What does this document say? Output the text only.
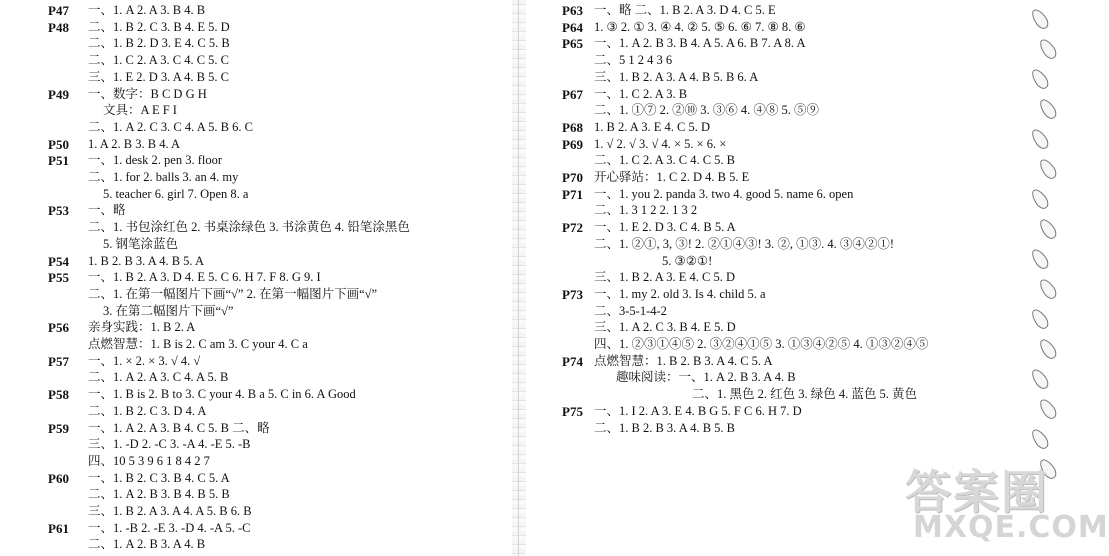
P47	一、1. A 2. A 3. B 4. B
P48	二、1. B 2. C 3. B 4. E 5. D
二、1. B 2. D 3. E 4. C 5. B
二、1. C 2. A 3. C 4. C 5. C
三、1. E 2. D 3. A 4. B 5. C
P49	一、数字：B C D G H
文具：A E F I
二、1. A 2. C 3. C 4. A 5. B 6. C
P50	1. A 2. B 3. B 4. A
P51	一、1. desk 2. pen 3. floor
二、1. for 2. balls 3. an 4. my
5. teacher 6. girl 7. Open 8. a
P53	一、略
二、1. 书包涂红色 2. 书桌涂绿色 3. 书涂黄色 4. 铅笔涂黑色
5. 钢笔涂蓝色
P54	1. B 2. B 3. A 4. B 5. A
P55	一、1. B 2. A 3. D 4. E 5. C 6. H 7. F 8. G 9. I
二、1. 在第一幅图片下画“√” 2. 在第一幅图片下画“√”
3. 在第二幅图片下画“√”
P56	亲身实践：1. B 2. A
点燃智慧：1. B is 2. C am 3. C your 4. C a
P57	一、1. × 2. × 3. √ 4. √
二、1. A 2. A 3. C 4. A 5. B
P58	一、1. B is 2. B to 3. C your 4. B a 5. C in 6. A Good
二、1. B 2. C 3. D 4. A
P59	一、1. A 2. A 3. B 4. C 5. B 二、略
三、1. -D 2. -C 3. -A 4. -E 5. -B
四、10 5 3 9 6 1 8 4 2 7
P60	一、1. B 2. C 3. B 4. C 5. A
二、1. A 2. B 3. B 4. B 5. B
三、1. B 2. A 3. A 4. A 5. B 6. B
P61	一、1. -B 2. -E 3. -D 4. -A 5. -C
二、1. A 2. B 3. A 4. B
P63 一、略 二、1. B 2. A 3. D 4. C 5. E
P64 1. ③ 2. ① 3. ④ 4. ② 5. ⑤ 6. ⑥ 7. ⑧ 8. ⑥
P65 一、1. A 2. B 3. B 4. A 5. A 6. B 7. A 8. A
二、5 1 2 4 3 6
三、1. B 2. A 3. A 4. B 5. B 6. A
P67 一、1. C 2. A 3. B
二、1. ①⑦ 2. ②⑩ 3. ③⑥ 4. ④⑧ 5. ⑤⑨
P68 1. B 2. A 3. E 4. C 5. D
P69 1. √ 2. √ 3. √ 4. × 5. × 6. ×
二、1. C 2. A 3. C 4. C 5. B
P70 开心驿站：1. C 2. D 4. B 5. E
P71 一、1. you 2. panda 3. two 4. good 5. name 6. open
二、1. 3 1 2 2. 1 3 2
P72 一、1. E 2. D 3. C 4. B 5. A
二、1. ②①, 3, ③! 2. ②①④③! 3. ②, ①③. 4. ③④②①!
5. ③②①!
三、1. B 2. A 3. E 4. C 5. D
P73 一、1. my 2. old 3. Is 4. child 5. a
二、3-5-1-4-2
三、1. A 2. C 3. B 4. E 5. D
四、1. ②③①④⑤ 2. ③②④①⑤ 3. ①③④②⑤ 4. ①③②④⑤
P74 点燃智慧：1. B 2. B 3. A 4. C 5. A
趣味阅读：一、1. A 2. B 3. A 4. B
二、1. 黑色 2. 红色 3. 绿色 4. 蓝色 5. 黄色
P75 一、1. I 2. A 3. E 4. B G 5. F C 6. H 7. D
二、1. B 2. B 3. A 4. B 5. B
答案圈
MXQE.COM
